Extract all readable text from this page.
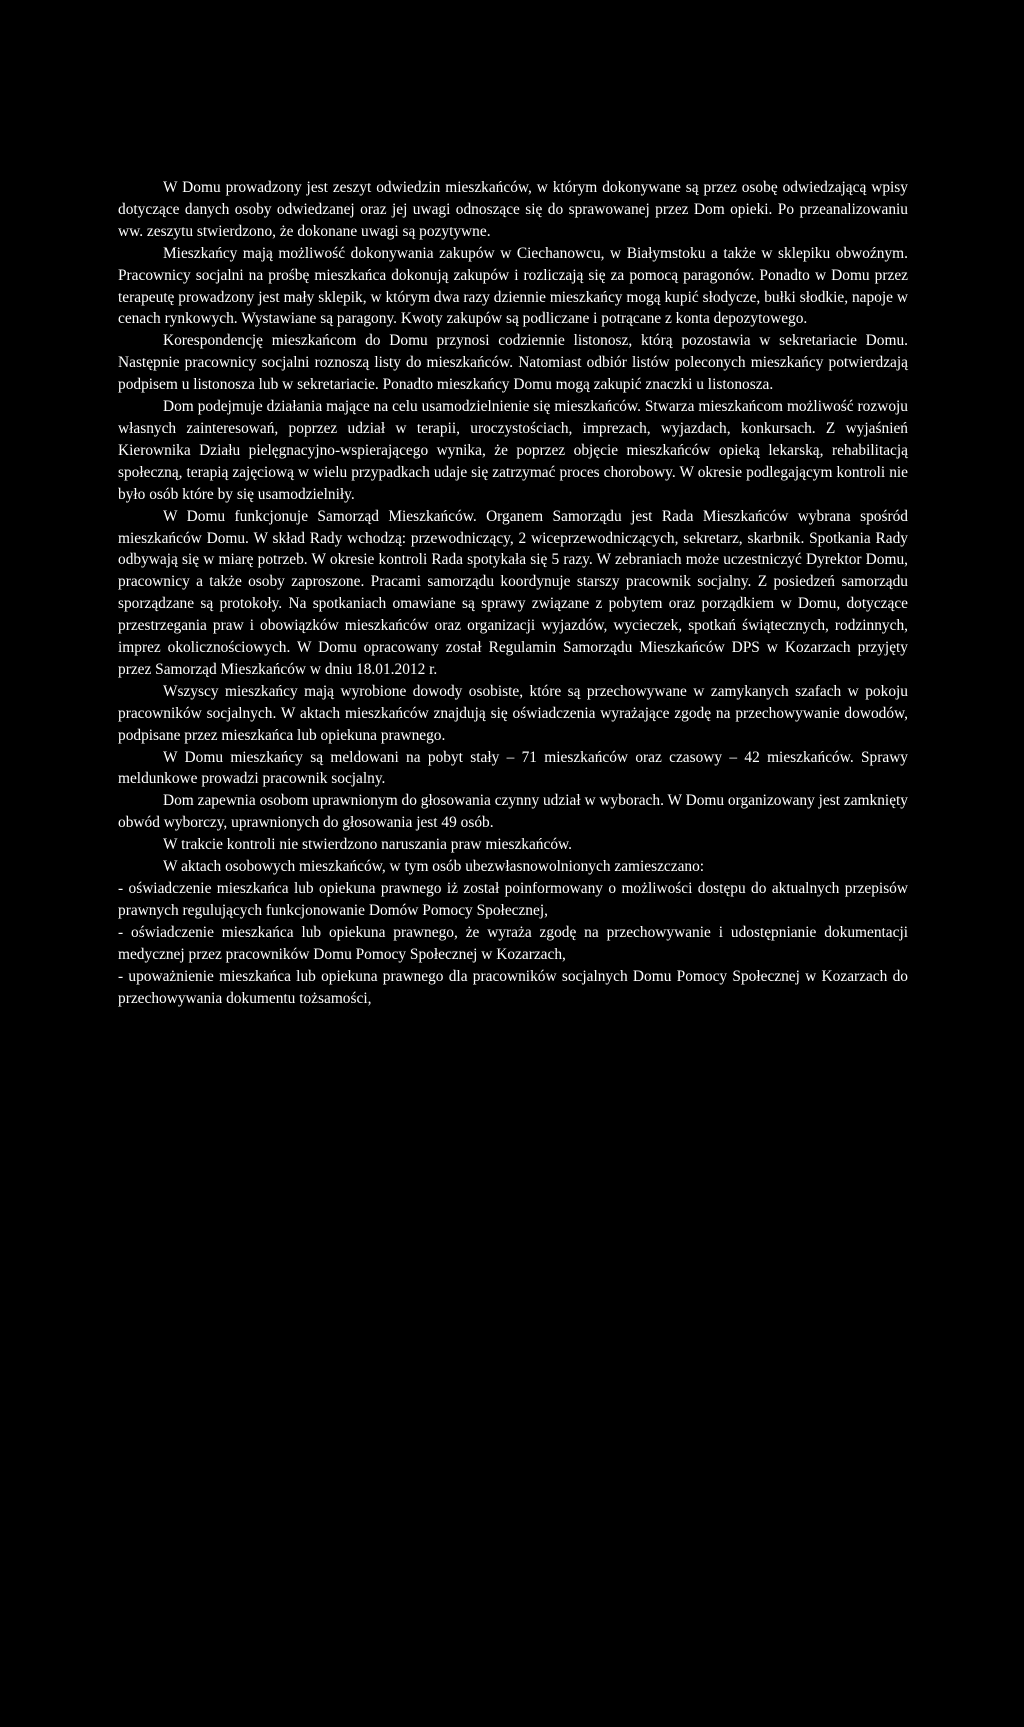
W Domu prowadzony jest zeszyt odwiedzin mieszkańców, w którym dokonywane są przez osobę odwiedzającą wpisy dotyczące danych osoby odwiedzanej oraz jej uwagi odnoszące się do sprawowanej przez Dom opieki. Po przeanalizowaniu ww. zeszytu stwierdzono, że dokonane uwagi są pozytywne.

Mieszkańcy mają możliwość dokonywania zakupów w Ciechanowcu, w Białymstoku a także w sklepiku obwoźnym. Pracownicy socjalni na prośbę mieszkańca dokonują zakupów i rozliczają się za pomocą paragonów. Ponadto w Domu przez terapeutę prowadzony jest mały sklepik, w którym dwa razy dziennie mieszkańcy mogą kupić słodycze, bułki słodkie, napoje w cenach rynkowych. Wystawiane są paragony. Kwoty zakupów są podliczane i potrącane z konta depozytowego.

Korespondencję mieszkańcom do Domu przynosi codziennie listonosz, którą pozostawia w sekretariacie Domu. Następnie pracownicy socjalni roznoszą listy do mieszkańców. Natomiast odbiór listów poleconych mieszkańcy potwierdzają podpisem u listonosza lub w sekretariacie. Ponadto mieszkańcy Domu mogą zakupić znaczki u listonosza.

Dom podejmuje działania mające na celu usamodzielnienie się mieszkańców. Stwarza mieszkańcom możliwość rozwoju własnych zainteresowań, poprzez udział w terapii, uroczystościach, imprezach, wyjazdach, konkursach. Z wyjaśnień Kierownika Działu pielęgnacyjno-wspierającego wynika, że poprzez objęcie mieszkańców opieką lekarską, rehabilitacją społeczną, terapią zajęciową w wielu przypadkach udaje się zatrzymać proces chorobowy. W okresie podlegającym kontroli nie było osób które by się usamodzielniły.

W Domu funkcjonuje Samorząd Mieszkańców. Organem Samorządu jest Rada Mieszkańców wybrana spośród mieszkańców Domu. W skład Rady wchodzą: przewodniczący, 2 wiceprzewodniczących, sekretarz, skarbnik. Spotkania Rady odbywają się w miarę potrzeb. W okresie kontroli Rada spotykała się 5 razy. W zebraniach może uczestniczyć Dyrektor Domu, pracownicy a także osoby zaproszone. Pracami samorządu koordynuje starszy pracownik socjalny. Z posiedzeń samorządu sporządzane są protokoły. Na spotkaniach omawiane są sprawy związane z pobytem oraz porządkiem w Domu, dotyczące przestrzegania praw i obowiązków mieszkańców oraz organizacji wyjazdów, wycieczek, spotkań świątecznych, rodzinnych, imprez okolicznościowych. W Domu opracowany został Regulamin Samorządu Mieszkańców DPS w Kozarzach przyjęty przez Samorząd Mieszkańców w dniu 18.01.2012 r.

Wszyscy mieszkańcy mają wyrobione dowody osobiste, które są przechowywane w zamykanych szafach w pokoju pracowników socjalnych. W aktach mieszkańców znajdują się oświadczenia wyrażające zgodę na przechowywanie dowodów, podpisane przez mieszkańca lub opiekuna prawnego.

W Domu mieszkańcy są meldowani na pobyt stały – 71 mieszkańców oraz czasowy – 42 mieszkańców. Sprawy meldunkowe prowadzi pracownik socjalny.

Dom zapewnia osobom uprawnionym do głosowania czynny udział w wyborach. W Domu organizowany jest zamknięty obwód wyborczy, uprawnionych do głosowania jest 49 osób.

W trakcie kontroli nie stwierdzono naruszania praw mieszkańców.

W aktach osobowych mieszkańców, w tym osób ubezwłasnowolnionych zamieszczano:

- oświadczenie mieszkańca lub opiekuna prawnego iż został poinformowany o możliwości dostępu do aktualnych przepisów prawnych regulujących funkcjonowanie Domów Pomocy Społecznej,

- oświadczenie mieszkańca lub opiekuna prawnego, że wyraża zgodę na przechowywanie i udostępnianie dokumentacji medycznej przez pracowników Domu Pomocy Społecznej w Kozarzach,

- upoważnienie mieszkańca lub opiekuna prawnego dla pracowników socjalnych Domu Pomocy Społecznej w Kozarzach do przechowywania dokumentu tożsamości,
